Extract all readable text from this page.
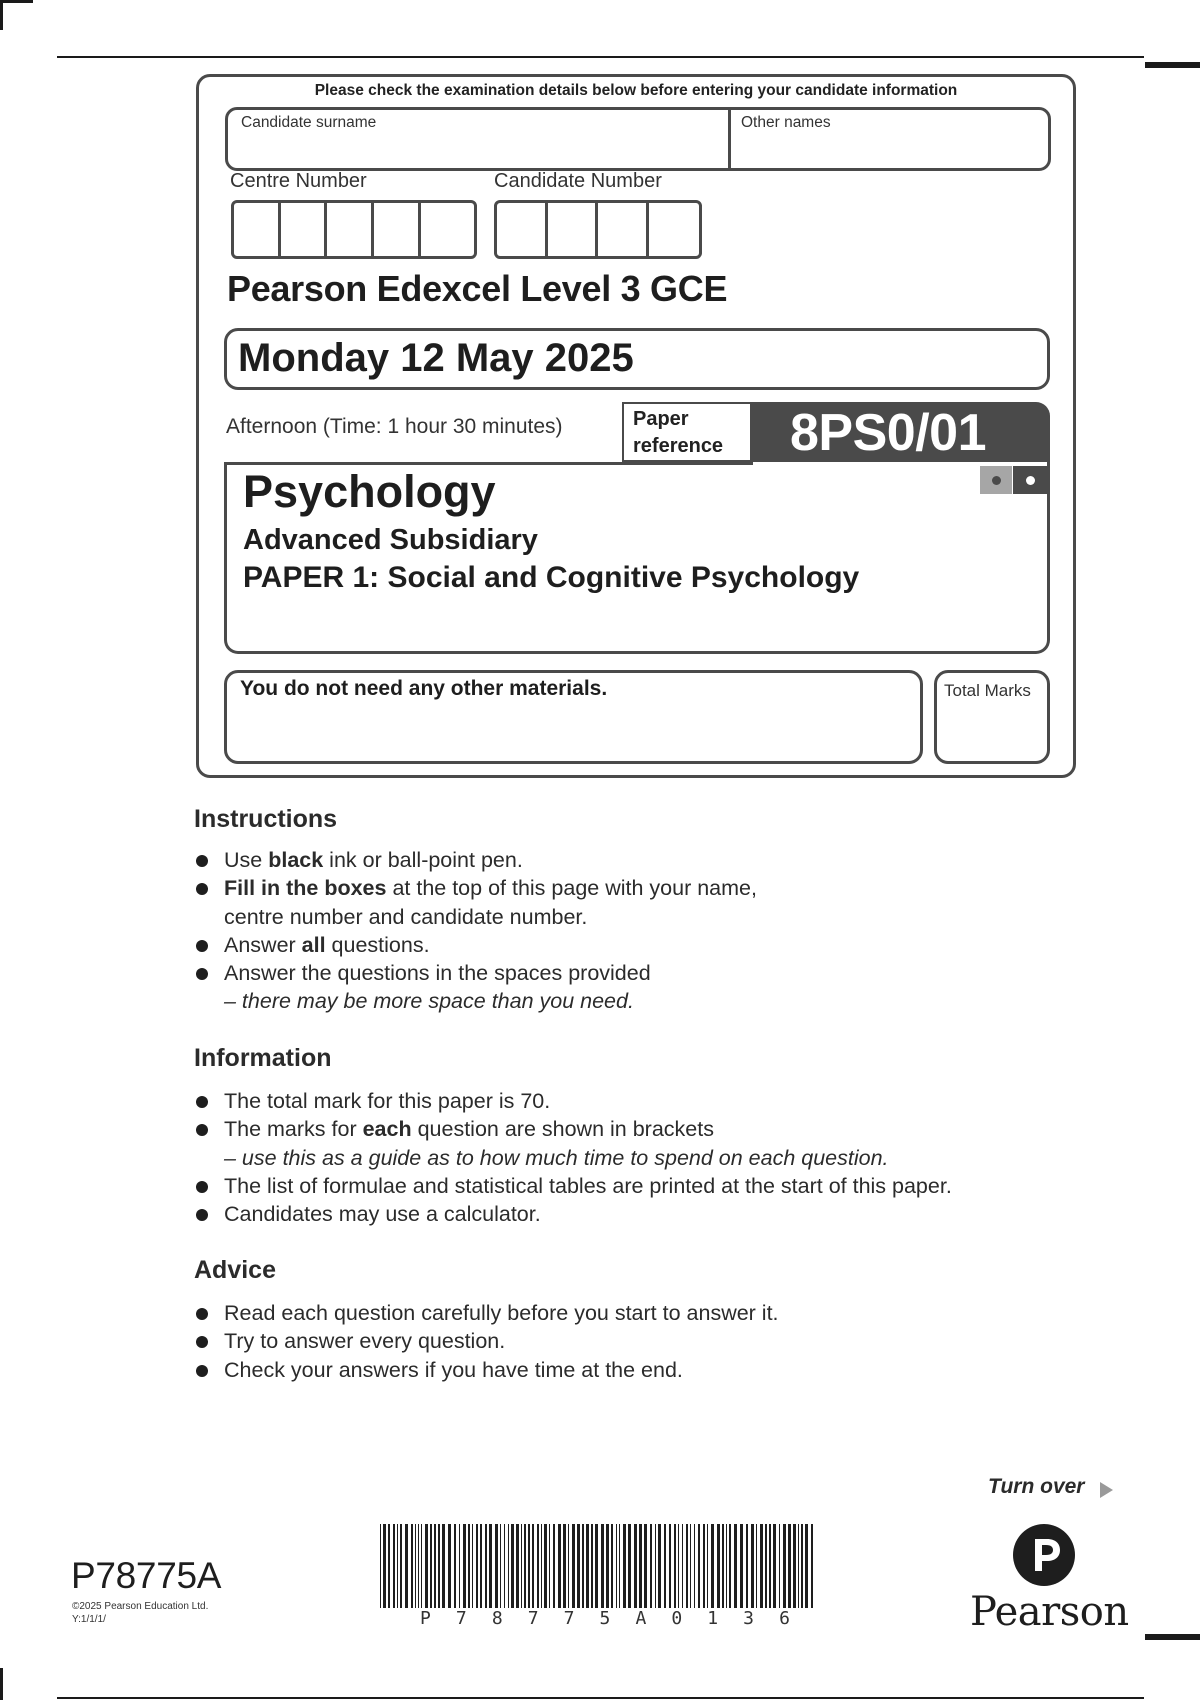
Please check the examination details below before entering your candidate information
Candidate surname	Other names
Centre Number	Candidate Number
Pearson Edexcel Level 3 GCE
Monday 12 May 2025
Afternoon (Time: 1 hour 30 minutes)	Paper
reference 8PS0/01
Psychology
Advanced Subsidiary
PAPER 1: Social and Cognitive Psychology
You do not need any other materials.	Total Marks
Instructions
Use black ink or ball-point pen.
Fill in the boxes at the top of this page with your name,
centre number and candidate number.
Answer all questions.
Answer the questions in the spaces provided
– there may be more space than you need.
Information
The total mark for this paper is 70.
The marks for each question are shown in brackets
– use this as a guide as to how much time to spend on each question.
The list of formulae and statistical tables are printed at the start of this paper.
Candidates may use a calculator.
Advice
Read each question carefully before you start to answer it.
Try to answer every question.
Check your answers if you have time at the end.
Turn over
P78775A
©2025 Pearson Education Ltd.
Y:1/1/1/	P 7 8 7 7 5 A 0 1 3 6	Pearson
